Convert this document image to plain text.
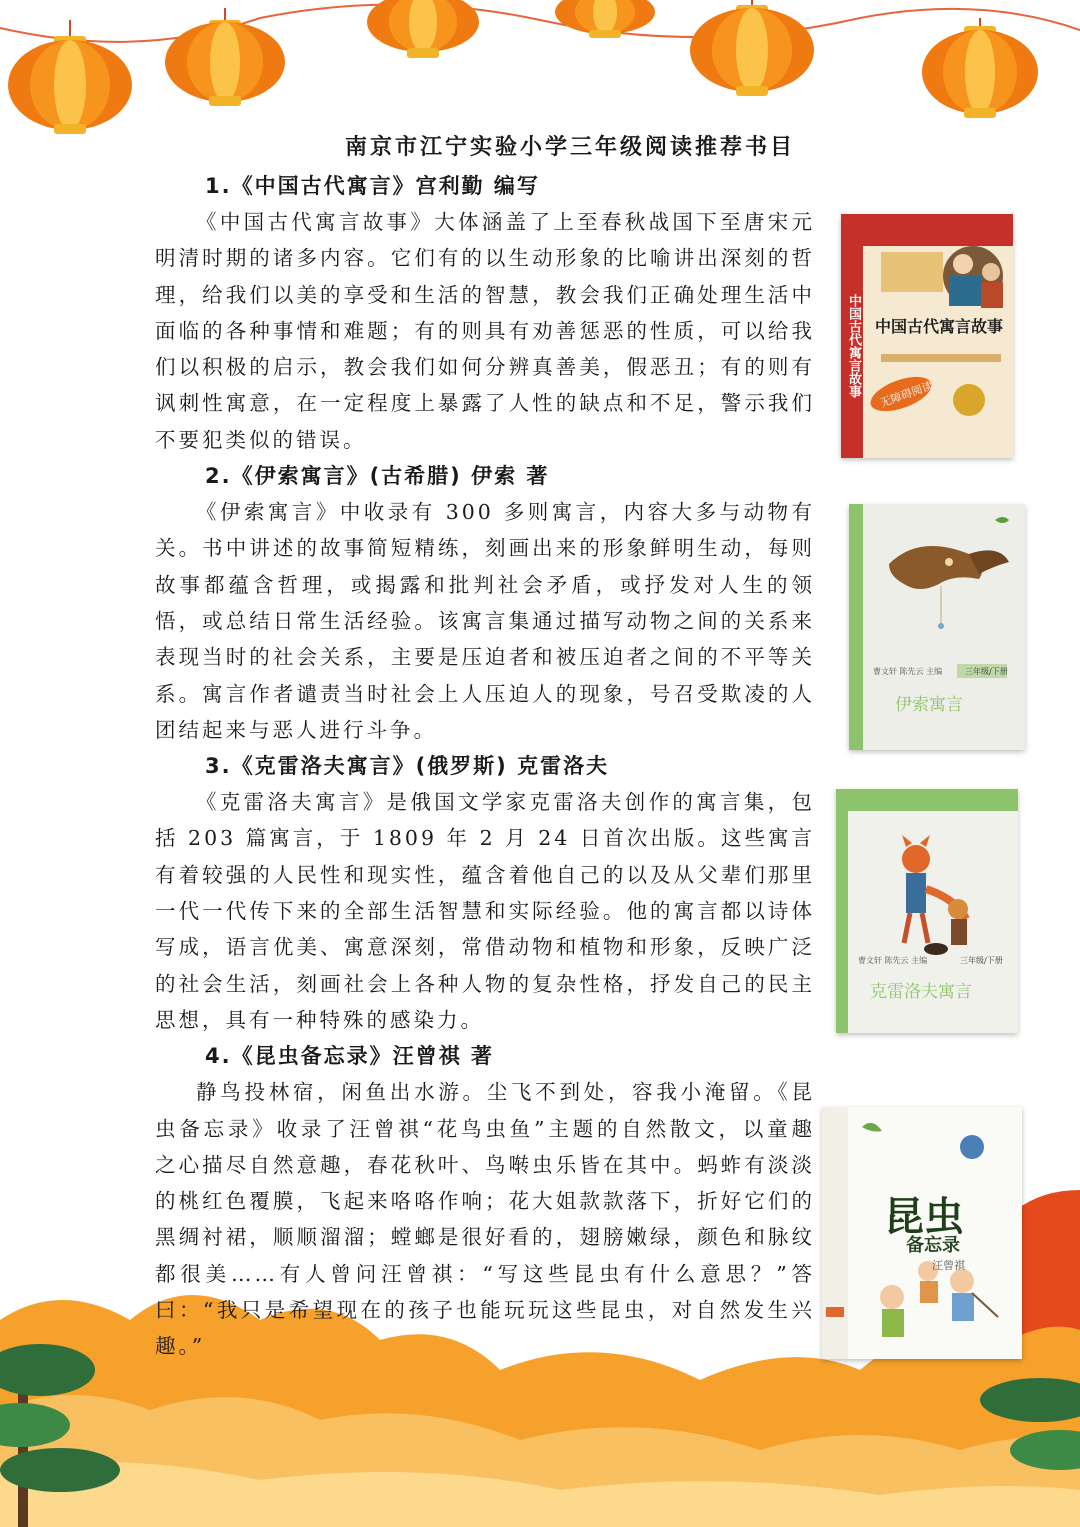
南京市江宁实验小学三年级阅读推荐书目
1.《中国古代寓言》宫利勤 编写

《中国古代寓言故事》大体涵盖了上至春秋战国下至唐宋元明清时期的诸多内容。它们有的以生动形象的比喻讲出深刻的哲理，给我们以美的享受和生活的智慧，教会我们正确处理生活中面临的各种事情和难题；有的则具有劝善惩恶的性质，可以给我们以积极的启示，教会我们如何分辨真善美，假恶丑；有的则有讽刺性寓意，在一定程度上暴露了人性的缺点和不足，警示我们不要犯类似的错误。

2.《伊索寓言》(古希腊) 伊索 著

《伊索寓言》中收录有 300 多则寓言，内容大多与动物有关。书中讲述的故事简短精练，刻画出来的形象鲜明生动，每则故事都蕴含哲理，或揭露和批判社会矛盾，或抒发对人生的领悟，或总结日常生活经验。该寓言集通过描写动物之间的关系来表现当时的社会关系，主要是压迫者和被压迫者之间的不平等关系。寓言作者谴责当时社会上人压迫人的现象，号召受欺凌的人团结起来与恶人进行斗争。

3.《克雷洛夫寓言》(俄罗斯) 克雷洛夫

《克雷洛夫寓言》是俄国文学家克雷洛夫创作的寓言集，包括 203 篇寓言，于 1809 年 2 月 24 日首次出版。这些寓言有着较强的人民性和现实性，蕴含着他自己的以及从父辈们那里一代一代传下来的全部生活智慧和实际经验。他的寓言都以诗体写成，语言优美、寓意深刻，常借动物和植物和形象，反映广泛的社会生活，刻画社会上各种人物的复杂性格，抒发自己的民主思想，具有一种特殊的感染力。

4.《昆虫备忘录》汪曾祺 著

静鸟投林宿，闲鱼出水游。尘飞不到处，容我小淹留。《昆虫备忘录》收录了汪曾祺“花鸟虫鱼”主题的自然散文，以童趣之心描尽自然意趣，春花秋叶、鸟啭虫乐皆在其中。蚂蚱有淡淡的桃红色覆膜，飞起来咯咯作响；花大姐款款落下，折好它们的黑绸衬裙，顺顺溜溜；螳螂是很好看的，翅膀嫩绿，颜色和脉纹都很美……有人曾问汪曾祺：“写这些昆虫有什么意思？”答曰：“我只是希望现在的孩子也能玩玩这些昆虫，对自然发生兴趣。”

中国古代寓言故事
中国古代寓言故事 无障碍阅读
曹文轩 陈先云 主编	三年级/下册
伊索寓言
曹文轩 陈先云 主编	三年级/下册
克雷洛夫寓言
昆虫
备忘录
汪曾祺
